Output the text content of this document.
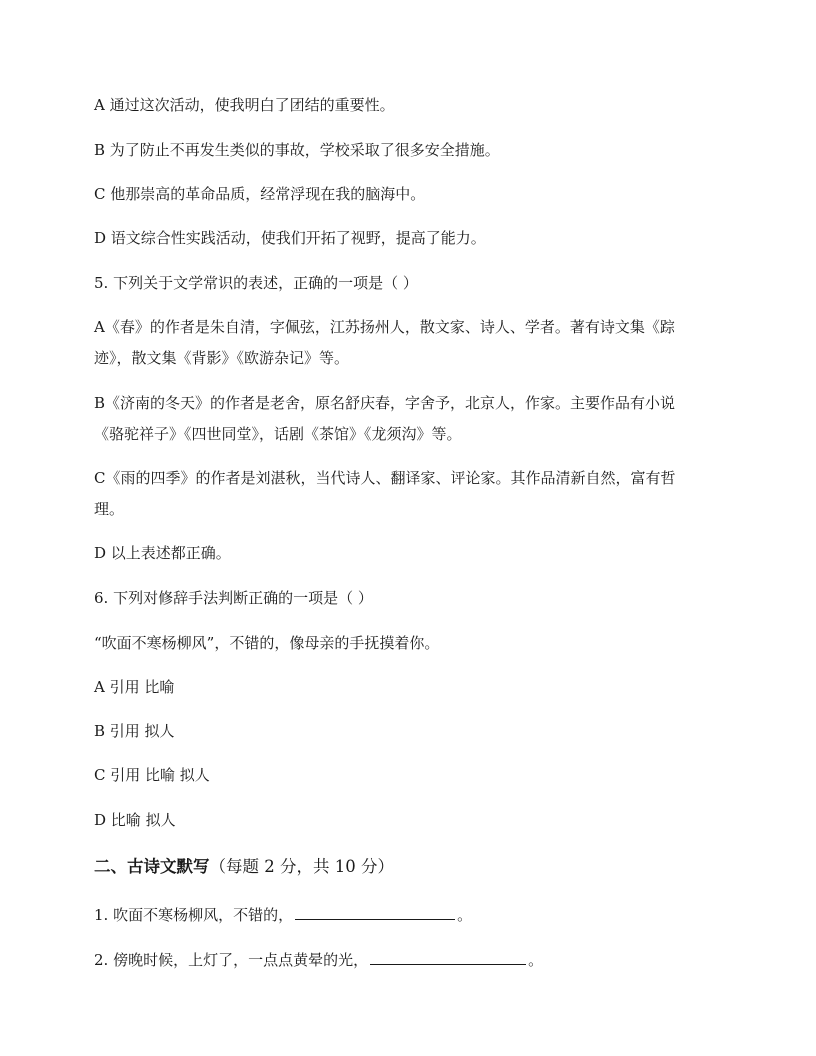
A 通过这次活动，使我明白了团结的重要性。
B 为了防止不再发生类似的事故，学校采取了很多安全措施。
C 他那崇高的革命品质，经常浮现在我的脑海中。
D 语文综合性实践活动，使我们开拓了视野，提高了能力。
5. 下列关于文学常识的表述，正确的一项是（ ）
A《春》的作者是朱自清，字佩弦，江苏扬州人，散文家、诗人、学者。著有诗文集《踪
迹》，散文集《背影》《欧游杂记》等。
B《济南的冬天》的作者是老舍，原名舒庆春，字舍予，北京人，作家。主要作品有小说
《骆驼祥子》《四世同堂》，话剧《茶馆》《龙须沟》等。
C《雨的四季》的作者是刘湛秋，当代诗人、翻译家、评论家。其作品清新自然，富有哲
理。
D 以上表述都正确。
6. 下列对修辞手法判断正确的一项是（ ）
“吹面不寒杨柳风”，不错的，像母亲的手抚摸着你。
A 引用 比喻
B 引用 拟人
C 引用 比喻 拟人
D 比喻 拟人
二、古诗文默写（每题 2 分，共 10 分）
1. 吹面不寒杨柳风，不错的，	。
2. 傍晚时候，上灯了，一点点黄晕的光，	。
